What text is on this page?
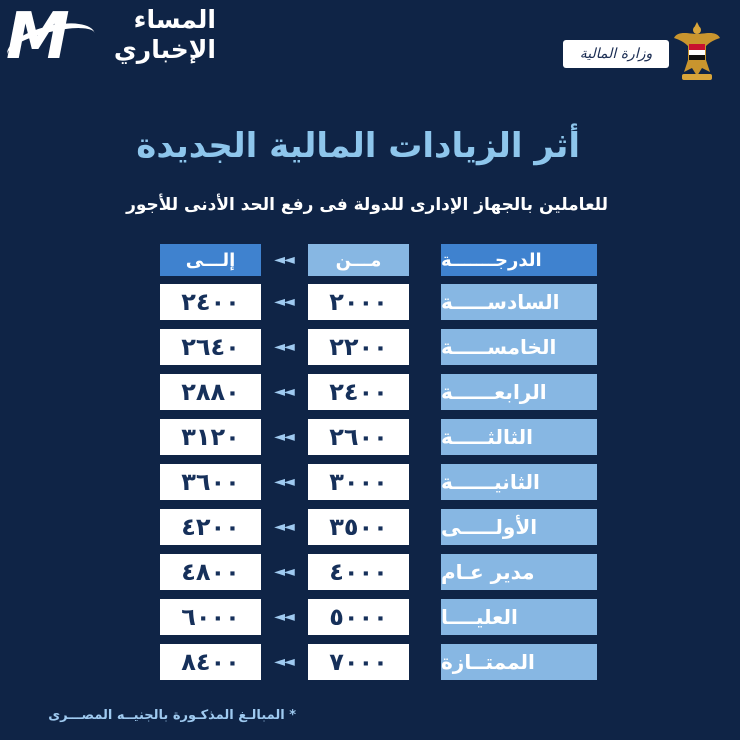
M	المساء
الإخباري	وزارة المالية
أثر الزيادات المالية الجديدة
للعاملين بالجهاز الإدارى للدولة فى رفع الحد الأدنى للأجور
الدرجـــــــة
مـــن
◄◄
إلـــى
السادســـــة
٢٠٠٠
◄◄
٢٤٠٠
الخامســـــة
٢٢٠٠
◄◄
٢٦٤٠
الرابعــــــة
٢٤٠٠
◄◄
٢٨٨٠
الثالثـــــة
٢٦٠٠
◄◄
٣١٢٠
الثانيــــــة
٣٠٠٠
◄◄
٣٦٠٠
الأولـــــى
٣٥٠٠
◄◄
٤٢٠٠
مدير عـام
٤٠٠٠
◄◄
٤٨٠٠
العليــــا
٥٠٠٠
◄◄
٦٠٠٠
الممتــازة
٧٠٠٠
◄◄
٨٤٠٠
* المبالـغ المذكـورة بالجنيــه المصـــرى
